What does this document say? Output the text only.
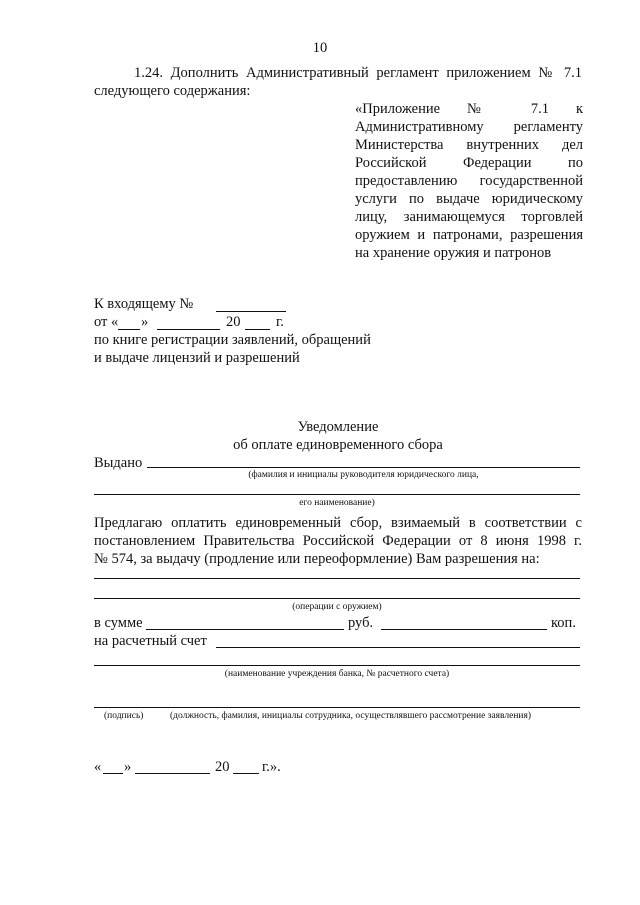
10
1.24. Дополнить Административный регламент приложением № 7.1
следующего содержания:
«Приложение № 7.1 к
Административному регламенту
Министерства внутренних дел
Российской Федерации по
предоставлению государственной
услуги по выдаче юридическому
лицу, занимающемуся торговлей
оружием и патронами, разрешения
на хранение оружия и патронов
К входящему №
от « »	20 г.
по книге регистрации заявлений, обращений
и выдаче лицензий и разрешений
Уведомление
об оплате единовременного сбора
Выдано
(фамилия и инициалы руководителя юридического лица,
его наименование)
Предлагаю оплатить единовременный сбор, взимаемый в соответствии с
постановлением Правительства Российской Федерации от 8 июня 1998 г.
№ 574, за выдачу (продление или переоформление) Вам разрешения на:
(операции с оружием)
в сумме	руб.	коп.
на расчетный счет
(наименование учреждения банка, № расчетного счета)
(подпись)	(должность, фамилия, инициалы сотрудника, осуществлявшего рассмотрение заявления)
« »	20 г.».
